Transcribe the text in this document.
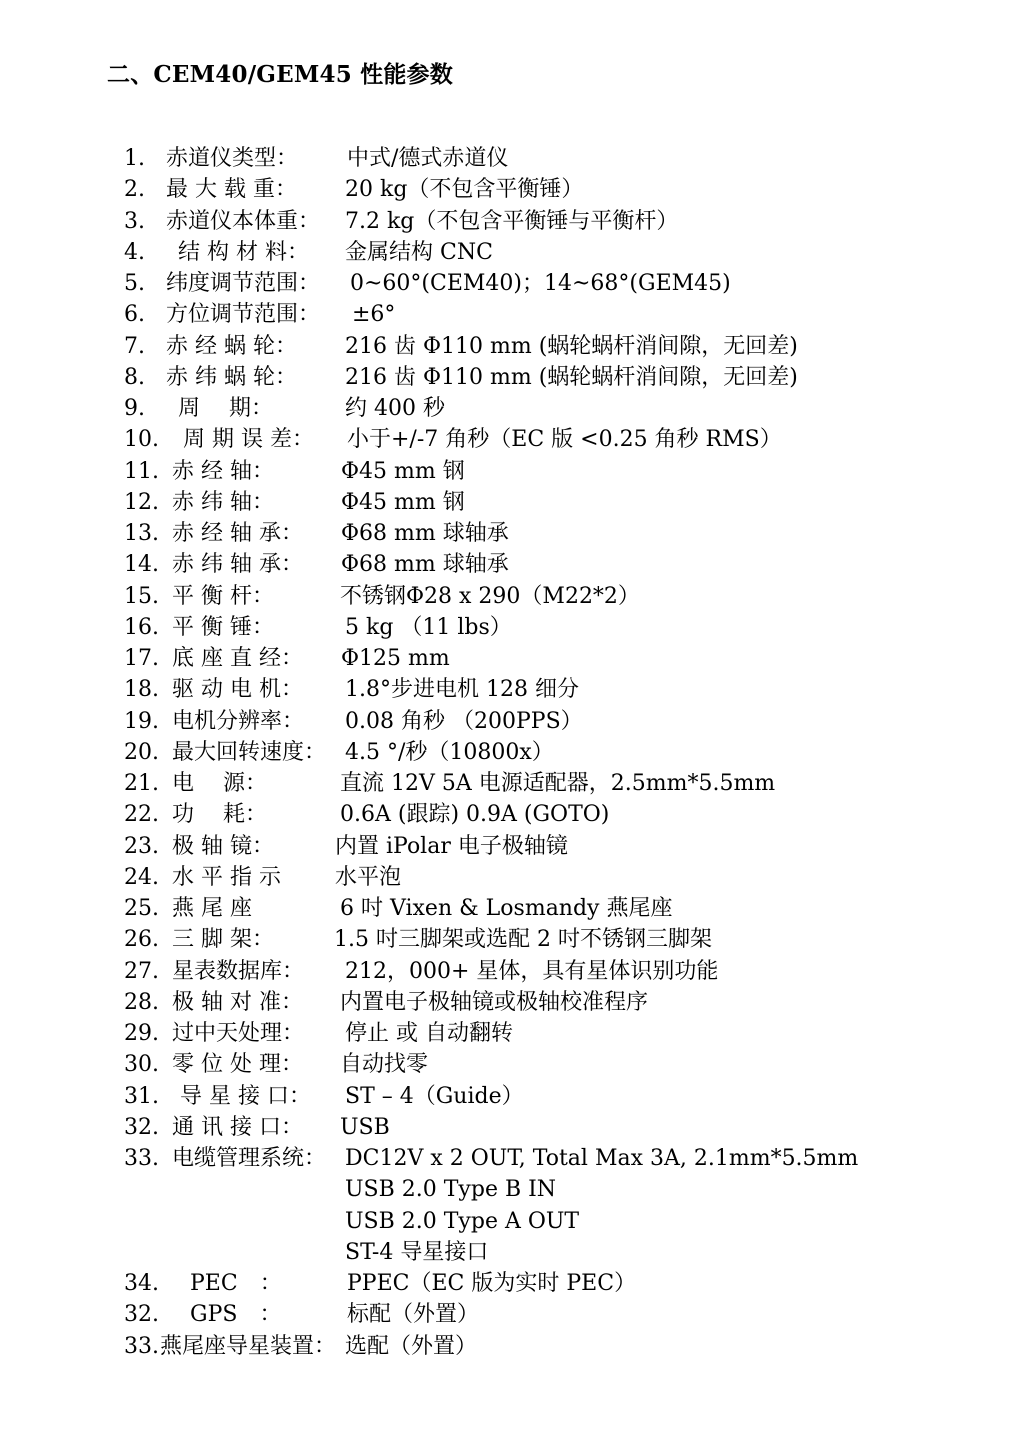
二、CEM40/GEM45 性能参数
1. 赤道仪类型： 中式/德式赤道仪
2. 最 大 载 重： 20 kg（不包含平衡锤）
3. 赤道仪本体重： 7.2 kg（不包含平衡锤与平衡杆）
4. 结 构 材 料： 金属结构 CNC
5. 纬度调节范围： 0~60°(CEM40)；14~68°(GEM45)
6. 方位调节范围： ±6°
7. 赤 经 蜗 轮： 216 齿 Φ110 mm (蜗轮蜗杆消间隙，无回差)
8. 赤 纬 蜗 轮： 216 齿 Φ110 mm (蜗轮蜗杆消间隙，无回差)
9. 周　 期：	约 400 秒
10. 周 期 误 差： 小于+/-7 角秒（EC 版 <0.25 角秒 RMS）
11. 赤 经 轴：	Φ45 mm 钢
12. 赤 纬 轴：	Φ45 mm 钢
13. 赤 经 轴 承： Φ68 mm 球轴承
14. 赤 纬 轴 承： Φ68 mm 球轴承
15. 平 衡 杆：	不锈钢Φ28 x 290（M22*2）
16. 平 衡 锤：	5 kg （11 lbs）
17. 底 座 直 经： Φ125 mm
18. 驱 动 电 机： 1.8°步进电机 128 细分
19. 电机分辨率： 0.08 角秒 （200PPS）
20. 最大回转速度： 4.5 °/秒（10800x）
21. 电　 源：	直流 12V 5A 电源适配器，2.5mm*5.5mm
22. 功　 耗：	0.6A (跟踪) 0.9A (GOTO)
23. 极 轴 镜：	内置 iPolar 电子极轴镜
24. 水 平 指 示 水平泡
25. 燕 尾 座	6 吋 Vixen & Losmandy 燕尾座
26. 三 脚 架：	1.5 吋三脚架或选配 2 吋不锈钢三脚架
27. 星表数据库： 212，000+ 星体，具有星体识别功能
28. 极 轴 对 准： 内置电子极轴镜或极轴校准程序
29. 过中天处理： 停止 或 自动翻转
30. 零 位 处 理： 自动找零
31. 导 星 接 口： ST – 4（Guide）
32. 通 讯 接 口： USB
33. 电缆管理系统： DC12V x 2 OUT, Total Max 3A, 2.1mm*5.5mm
USB 2.0 Type B IN
USB 2.0 Type A OUT
ST-4 导星接口
34. PEC　：	PPEC（EC 版为实时 PEC）
32. GPS　：	标配（外置）
33. 燕尾座导星装置： 选配（外置）
